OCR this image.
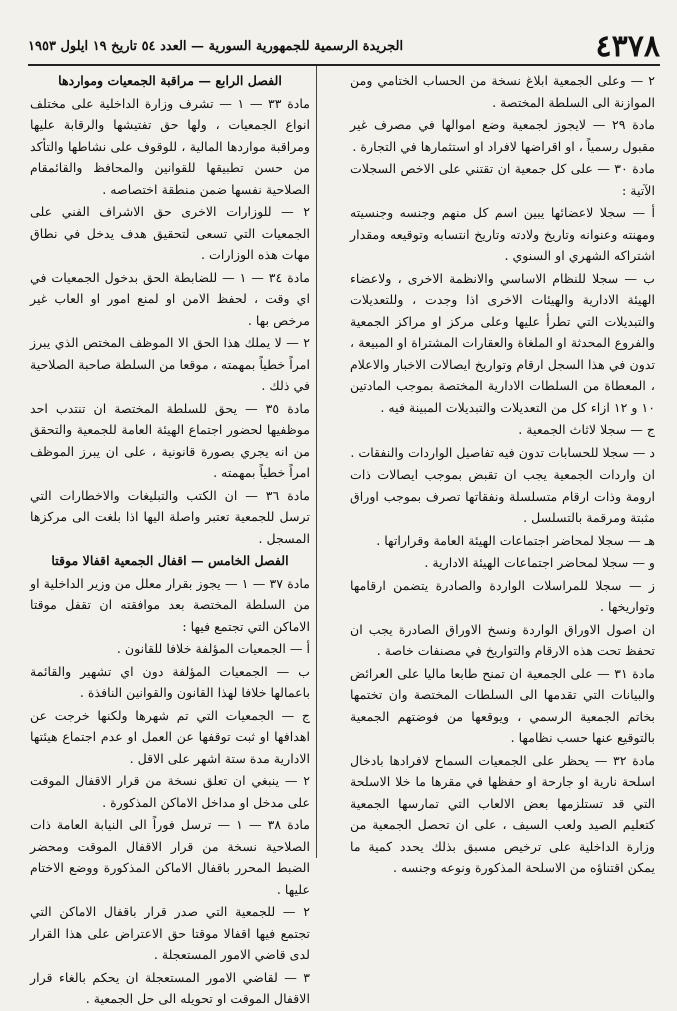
٤٣٧٨
الجريدة الرسمية للجمهورية السورية — العدد ٥٤ تاريخ ١٩ ايلول ١٩٥٣

٢ — وعلى الجمعية ابلاغ نسخة من الحساب الختامي ومن الموازنة الى السلطة المختصة .

مادة ٢٩ — لايجوز لجمعية وضع اموالها في مصرف غير مقبول رسمياً ، او اقراضها لافراد او استثمارها في التجارة .

مادة ٣٠ — على كل جمعية ان تقتني على الاخص السجلات الآتية :

أ — سجلا لاعضائها يبين اسم كل منهم وجنسه وجنسيته ومهنته وعنوانه وتاريخ ولادته وتاريخ انتسابه وتوقيعه ومقدار اشتراكه الشهري او السنوي .

ب — سجلا للنظام الاساسي والانظمة الاخرى ، ولاعضاء الهيئة الادارية والهيئات الاخرى اذا وجدت ، وللتعديلات والتبديلات التي تطرأ عليها وعلى مركز او مراكز الجمعية والفروع المحدثة او الملغاة والعقارات المشتراة او المبيعة ، تدون في هذا السجل ارقام وتواريخ ايصالات الاخبار والاعلام ، المعطاة من السلطات الادارية المختصة بموجب المادتين ١٠ و ١٢ ازاء كل من التعديلات والتبديلات المبينة فيه .

ج — سجلا لاثاث الجمعية .

د — سجلا للحسابات تدون فيه تفاصيل الواردات والنفقات .

ان واردات الجمعية يجب ان تقبض بموجب ايصالات ذات ارومة وذات ارقام متسلسلة ونفقاتها تصرف بموجب اوراق مثبتة ومرقمة بالتسلسل .

هـ — سجلا لمحاضر اجتماعات الهيئة العامة وقراراتها .

و — سجلا لمحاضر اجتماعات الهيئة الادارية .

ز — سجلا للمراسلات الواردة والصادرة يتضمن ارقامها وتواريخها .

ان اصول الاوراق الواردة ونسخ الاوراق الصادرة يجب ان تحفظ تحت هذه الارقام والتواريخ في مصنفات خاصة .

مادة ٣١ — على الجمعية ان تمنح طابعا ماليا على العرائض والبيانات التي تقدمها الى السلطات المختصة وان تختمها بخاتم الجمعية الرسمي ، ويوقعها من فوضتهم الجمعية بالتوقيع عنها حسب نظامها .

مادة ٣٢ — يحظر على الجمعيات السماح لافرادها بادخال اسلحة نارية او جارحة او حفظها في مقرها ما خلا الاسلحة التي قد تستلزمها بعض الالعاب التي تمارسها الجمعية كتعليم الصيد ولعب السيف ، على ان تحصل الجمعية من وزارة الداخلية على ترخيص مسبق بذلك يحدد كمية ما يمكن اقتناؤه من الاسلحة المذكورة ونوعه وجنسه .

الفصل الرابع — مراقبة الجمعيات ومواردها

مادة ٣٣ — ١ — تشرف وزارة الداخلية على مختلف انواع الجمعيات ، ولها حق تفتيشها والرقابة عليها ومراقبة مواردها المالية ، للوقوف على نشاطها والتأكد من حسن تطبيقها للقوانين والمحافظ والقائمقام الصلاحية نفسها ضمن منطقة اختصاصه .

٢ — للوزارات الاخرى حق الاشراف الفني على الجمعيات التي تسعى لتحقيق هدف يدخل في نطاق مهات هذه الوزارات .

مادة ٣٤ — ١ — للضابطة الحق بدخول الجمعيات في اي وقت ، لحفظ الامن او لمنع امور او العاب غير مرخص بها .

٢ — لا يملك هذا الحق الا الموظف المختص الذي يبرز امراً خطياً بمهمته ، موقعا من السلطة صاحبة الصلاحية في ذلك .

مادة ٣٥ — يحق للسلطة المختصة ان تنتدب احد موظفيها لحضور اجتماع الهيئة العامة للجمعية والتحقق من انه يجري بصورة قانونية ، على ان يبرز الموظف امراً خطياً بمهمته .

مادة ٣٦ — ان الكتب والتبليغات والاخطارات التي ترسل للجمعية تعتبر واصلة اليها اذا بلغت الى مركزها المسجل .

الفصل الخامس — اقفال الجمعية اقفالا موقتا

مادة ٣٧ — ١ — يجوز بقرار معلل من وزير الداخلية او من السلطة المختصة بعد موافقته ان تقفل موقتا الاماكن التي تجتمع فيها :

أ — الجمعيات المؤلفة خلافا للقانون .

ب — الجمعيات المؤلفة دون اي تشهير والقائمة باعمالها خلافا لهذا القانون والقوانين النافذة .

ج — الجمعيات التي تم شهرها ولكنها خرجت عن اهدافها او ثبت توقفها عن العمل او عدم اجتماع هيئتها الادارية مدة ستة اشهر على الاقل .

٢ — ينبغي ان تعلق نسخة من قرار الاقفال الموقت على مدخل او مداخل الاماكن المذكورة .

مادة ٣٨ — ١ — ترسل فوراً الى النيابة العامة ذات الصلاحية نسخة من قرار الاقفال الموقت ومحضر الضبط المحرر باقفال الاماكن المذكورة ووضع الاختام عليها .

٢ — للجمعية التي صدر قرار باقفال الاماكن التي تجتمع فيها اقفالا موقتا حق الاعتراض على هذا القرار لدى قاضي الامور المستعجلة .

٣ — لقاضي الامور المستعجلة ان يحكم بالغاء قرار الاقفال الموقت او تحويله الى حل الجمعية .
